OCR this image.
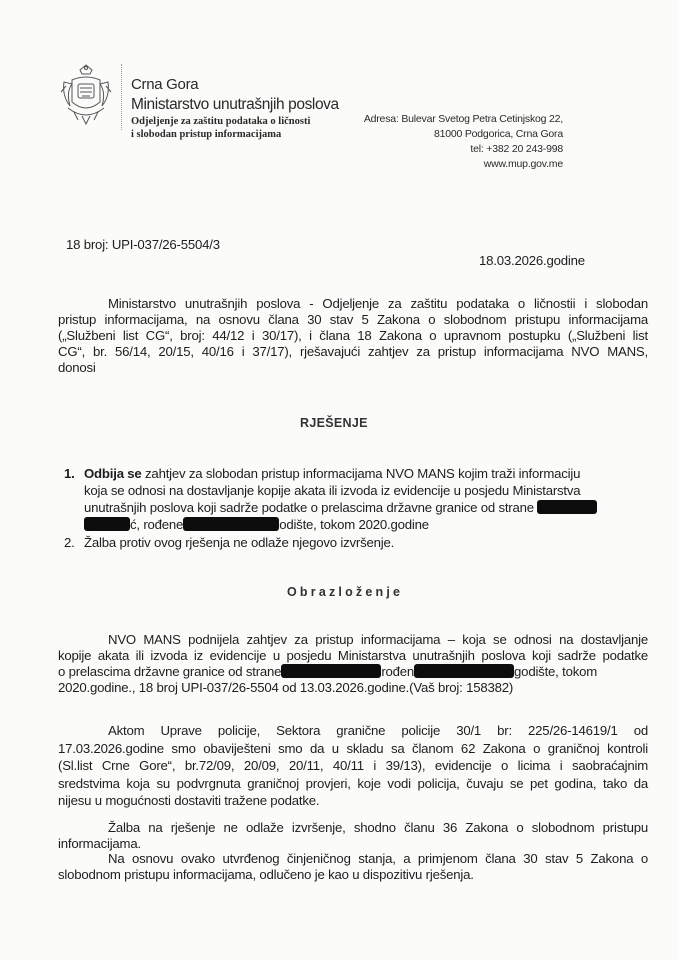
Crna Gora
Ministarstvo unutrašnjih poslova
Odjeljenje za zaštitu podataka o ličnosti
i slobodan pristup informacijama
Adresa: Bulevar Svetog Petra Cetinjskog 22,
81000 Podgorica, Crna Gora
tel: +382 20 243-998
www.mup.gov.me
18 broj: UPI-037/26-5504/3
18.03.2026.godine
Ministarstvo unutrašnjih poslova - Odjeljenje za zaštitu podataka o ličnostii i slobodan
pristup informacijama, na osnovu člana 30 stav 5 Zakona o slobodnom pristupu informacijama
(„Službeni list CG“, broj: 44/12 i 30/17), i člana 18 Zakona o upravnom postupku („Službeni list
CG“, br. 56/14, 20/15, 40/16 i 37/17), rješavajući zahtjev za pristup informacijama NVO MANS,
donosi
RJEŠENJE
1. Odbija se zahtjev za slobodan pristup informacijama NVO MANS kojim traži informaciju
koja se odnosi na dostavljanje kopije akata ili izvoda iz evidencije u posjedu Ministarstva
unutrašnjih poslova koji sadrže podatke o prelascima državne granice od strane
ć, rođene	odište, tokom 2020.godine
2. Žalba protiv ovog rješenja ne odlaže njegovo izvršenje.
Obrazloženje
NVO MANS podnijela zahtjev za pristup informacijama – koja se odnosi na dostavljanje
kopije akata ili izvoda iz evidencije u posjedu Ministarstva unutrašnjih poslova koji sadrže podatke
o prelascima državne granice od strane	rođen	godište, tokom
2020.godine., 18 broj UPI-037/26-5504 od 13.03.2026.godine.(Vaš broj: 158382)
Aktom Uprave policije, Sektora granične policije 30/1 br: 225/26-14619/1 od
17.03.2026.godine smo obaviješteni smo da u skladu sa članom 62 Zakona o graničnoj kontroli
(Sl.list Crne Gore“, br.72/09, 20/09, 20/11, 40/11 i 39/13), evidencije o licima i saobraćajnim
sredstvima koja su podvrgnuta graničnoj provjeri, koje vodi policija, čuvaju se pet godina, tako da
nijesu u mogućnosti dostaviti tražene podatke.
Žalba na rješenje ne odlaže izvršenje, shodno članu 36 Zakona o slobodnom pristupu
informacijama.
Na osnovu ovako utvrđenog činjeničnog stanja, a primjenom člana 30 stav 5 Zakona o
slobodnom pristupu informacijama, odlučeno je kao u dispozitivu rješenja.
